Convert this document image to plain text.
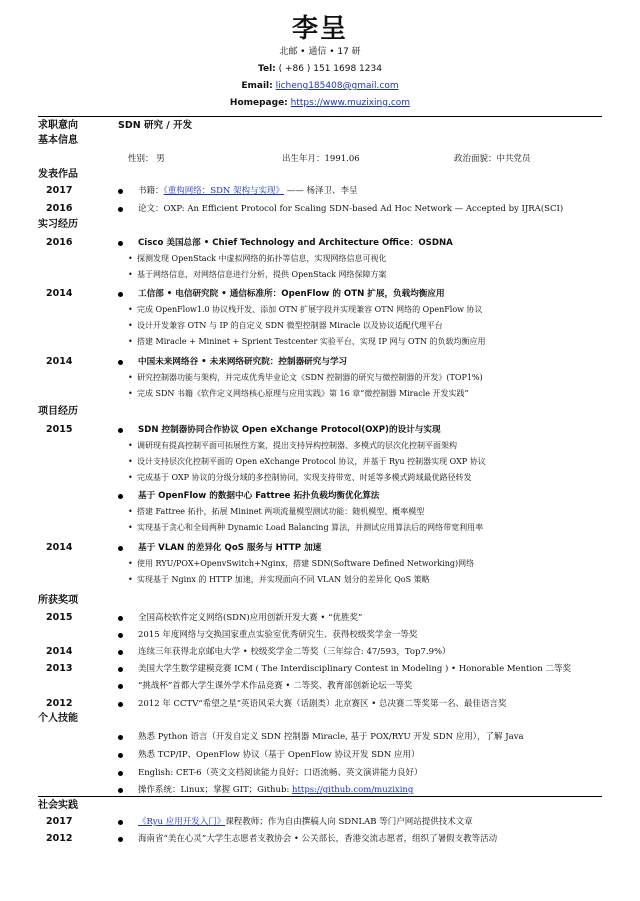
李呈
北邮 • 通信 • 17 研
Tel: ( +86 ) 151 1698 1234
Email: licheng185408@gmail.com
Homepage: https://www.muzixing.com
求职意向	SDN 研究 / 开发
基本信息
性别： 男	出生年月：1991.06	政治面貌：中共党员
发表作品
2017	书籍：《重构网络：SDN 架构与实现》 —— 杨泽卫、李呈
2016	论文：OXP: An Efficient Protocol for Scaling SDN-based Ad Hoc Network — Accepted by IJRA(SCI)
实习经历
2016	Cisco 美国总部 • Chief Technology and Architecture Office：OSDNA
• 探测发现 OpenStack 中虚拟网络的拓扑等信息，实现网络信息可视化
• 基于网络信息，对网络信息进行分析，提供 OpenStack 网络保障方案
2014	工信部 • 电信研究院 • 通信标准所：OpenFlow 的 OTN 扩展，负载均衡应用
• 完成 OpenFlow1.0 协议栈开发、添加 OTN 扩展字段并实现兼容 OTN 网络的 OpenFlow 协议
• 设计开发兼容 OTN 与 IP 的自定义 SDN 微型控制器 Miracle 以及协议适配代理平台
• 搭建 Miracle + Mininet + Sprient Testcenter 实验平台，实现 IP 网与 OTN 的负载均衡应用
2014	中国未来网络谷 • 未来网络研究院：控制器研究与学习
• 研究控制器功能与架构，并完成优秀毕业论文《SDN 控制器的研究与微控制器的开发》(TOP1%)
• 完成 SDN 书籍《软件定义网络核心原理与应用实践》第 16 章“微控制器 Miracle 开发实践”
项目经历
2015	SDN 控制器协同合作协议 Open eXchange Protocol(OXP)的设计与实现
• 调研现有提高控制平面可拓展性方案，提出支持异构控制器、多模式的层次化控制平面架构
• 设计支持层次化控制平面的 Open eXchange Protocol 协议，并基于 Ryu 控制器实现 OXP 协议
• 完成基于 OXP 协议的分级分域的多控制协同，实现支持带宽、时延等多模式跨域最优路径转发
基于 OpenFlow 的数据中心 Fattree 拓扑负载均衡优化算法
• 搭建 Fattree 拓扑，拓展 Mininet 两项流量模型测试功能：随机模型、概率模型
• 实现基于贪心和全局两种 Dynamic Load Balancing 算法，并测试应用算法后的网络带宽利用率
2014	基于 VLAN 的差异化 QoS 服务与 HTTP 加速
• 使用 RYU/POX+OpenvSwitch+Nginx，搭建 SDN(Software Defined Networking)网络
• 实现基于 Nginx 的 HTTP 加速，并实现面向不同 VLAN 划分的差异化 QoS 策略
所获奖项
2015	全国高校软件定义网络(SDN)应用创新开发大赛 • “优胜奖”
2015 年度网络与交换国家重点实验室优秀研究生、获得校级奖学金一等奖
2014	连续三年获得北京邮电大学 • 校级奖学金二等奖（三年综合: 47/593，Top7.9%）
2013	美国大学生数学建模竞赛 ICM ( The Interdisciplinary Contest in Modeling ) • Honorable Mention 二等奖
“挑战杯”首都大学生课外学术作品竞赛 • 二等奖、教育部创新论坛一等奖
2012	2012 年 CCTV“希望之星”英语风采大赛（话剧类）北京赛区 • 总决赛二等奖第一名、最佳语言奖
个人技能
熟悉 Python 语言（开发自定义 SDN 控制器 Miracle, 基于 POX/RYU 开发 SDN 应用），了解 Java
熟悉 TCP/IP、OpenFlow 协议（基于 OpenFlow 协议开发 SDN 应用）
English: CET-6（英文文档阅读能力良好；口语流畅、英文演讲能力良好）
操作系统：Linux；掌握 GIT；Github: https://github.com/muzixing
社会实践
2017	《Ryu 应用开发入门》课程教师；作为自由撰稿人向 SDNLAB 等门户网站提供技术文章
2012	海南省“美在心灵”大学生志愿者支教协会 • 公关部长，香港交流志愿者，组织了暑假支教等活动
